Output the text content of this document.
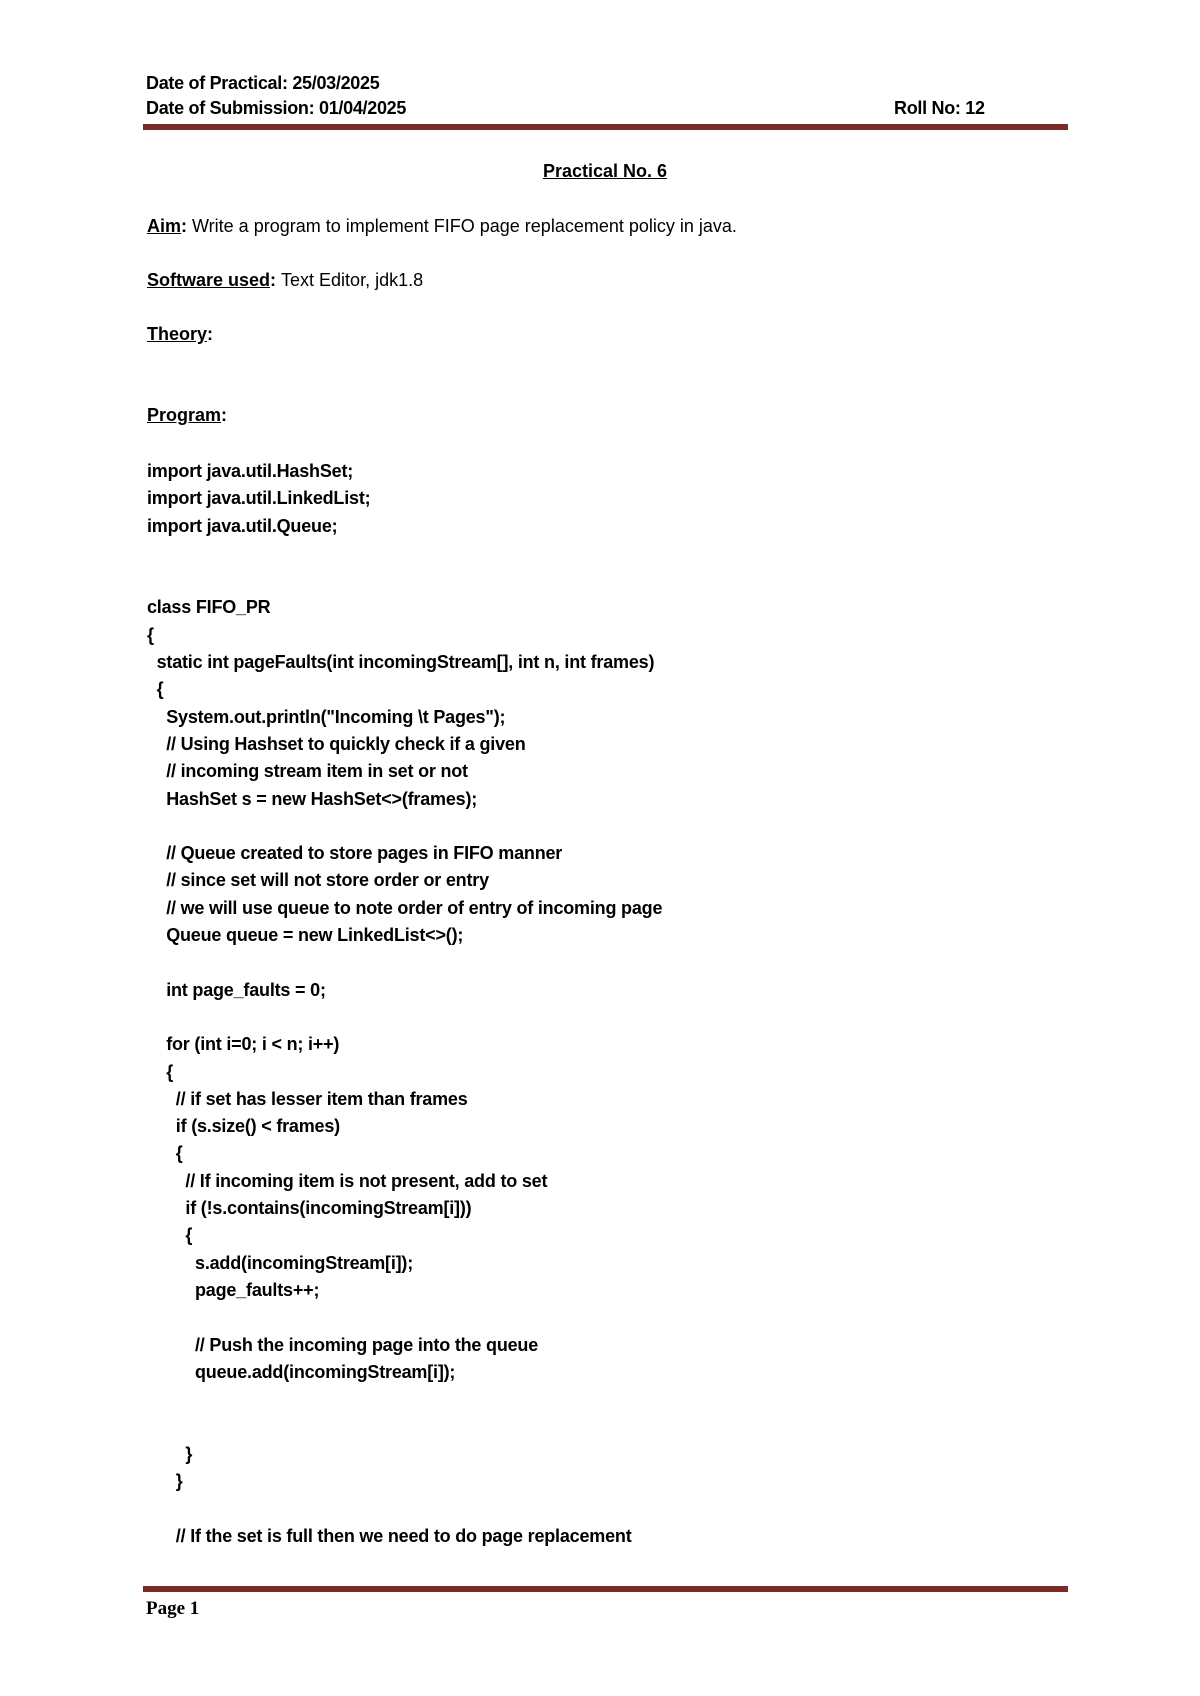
Date of Practical: 25/03/2025
Date of Submission: 01/04/2025	Roll No: 12
Practical No. 6
Aim: Write a program to implement FIFO page replacement policy in java.
Software used: Text Editor, jdk1.8
Theory:
Program:
import java.util.HashSet;
import java.util.LinkedList;
import java.util.Queue;
class FIFO_PR
{
static int pageFaults(int incomingStream[], int n, int frames)
{
System.out.println("Incoming \t Pages");
// Using Hashset to quickly check if a given
// incoming stream item in set or not
HashSet s = new HashSet<>(frames);
// Queue created to store pages in FIFO manner
// since set will not store order or entry
// we will use queue to note order of entry of incoming page
Queue queue = new LinkedList<>();
int page_faults = 0;
for (int i=0; i < n; i++)
{
// if set has lesser item than frames
if (s.size() < frames)
{
// If incoming item is not present, add to set
if (!s.contains(incomingStream[i]))
{
s.add(incomingStream[i]);
page_faults++;
// Push the incoming page into the queue
queue.add(incomingStream[i]);
}
}
// If the set is full then we need to do page replacement
Page 1
